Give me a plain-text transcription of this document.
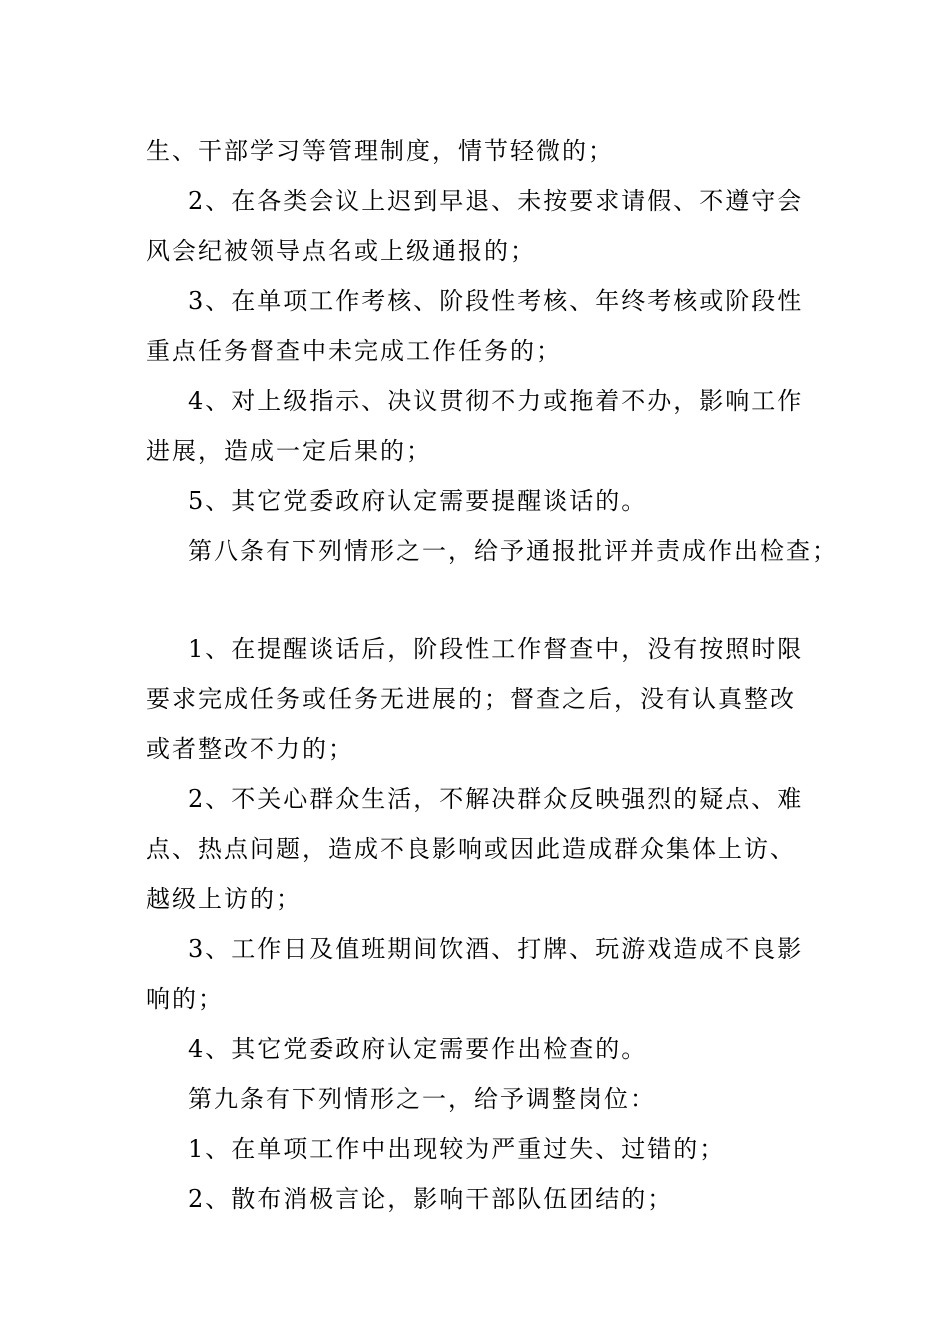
生、干部学习等管理制度，情节轻微的；
2、在各类会议上迟到早退、未按要求请假、不遵守会
风会纪被领导点名或上级通报的；
3、在单项工作考核、阶段性考核、年终考核或阶段性
重点任务督查中未完成工作任务的；
4、对上级指示、决议贯彻不力或拖着不办，影响工作
进展，造成一定后果的；
5、其它党委政府认定需要提醒谈话的。
第八条有下列情形之一，给予通报批评并责成作出检查；
1、在提醒谈话后，阶段性工作督查中，没有按照时限
要求完成任务或任务无进展的；督查之后，没有认真整改
或者整改不力的；
2、不关心群众生活，不解决群众反映强烈的疑点、难
点、热点问题，造成不良影响或因此造成群众集体上访、
越级上访的；
3、工作日及值班期间饮酒、打牌、玩游戏造成不良影
响的；
4、其它党委政府认定需要作出检查的。
第九条有下列情形之一，给予调整岗位：
1、在单项工作中出现较为严重过失、过错的；
2、散布消极言论，影响干部队伍团结的；
